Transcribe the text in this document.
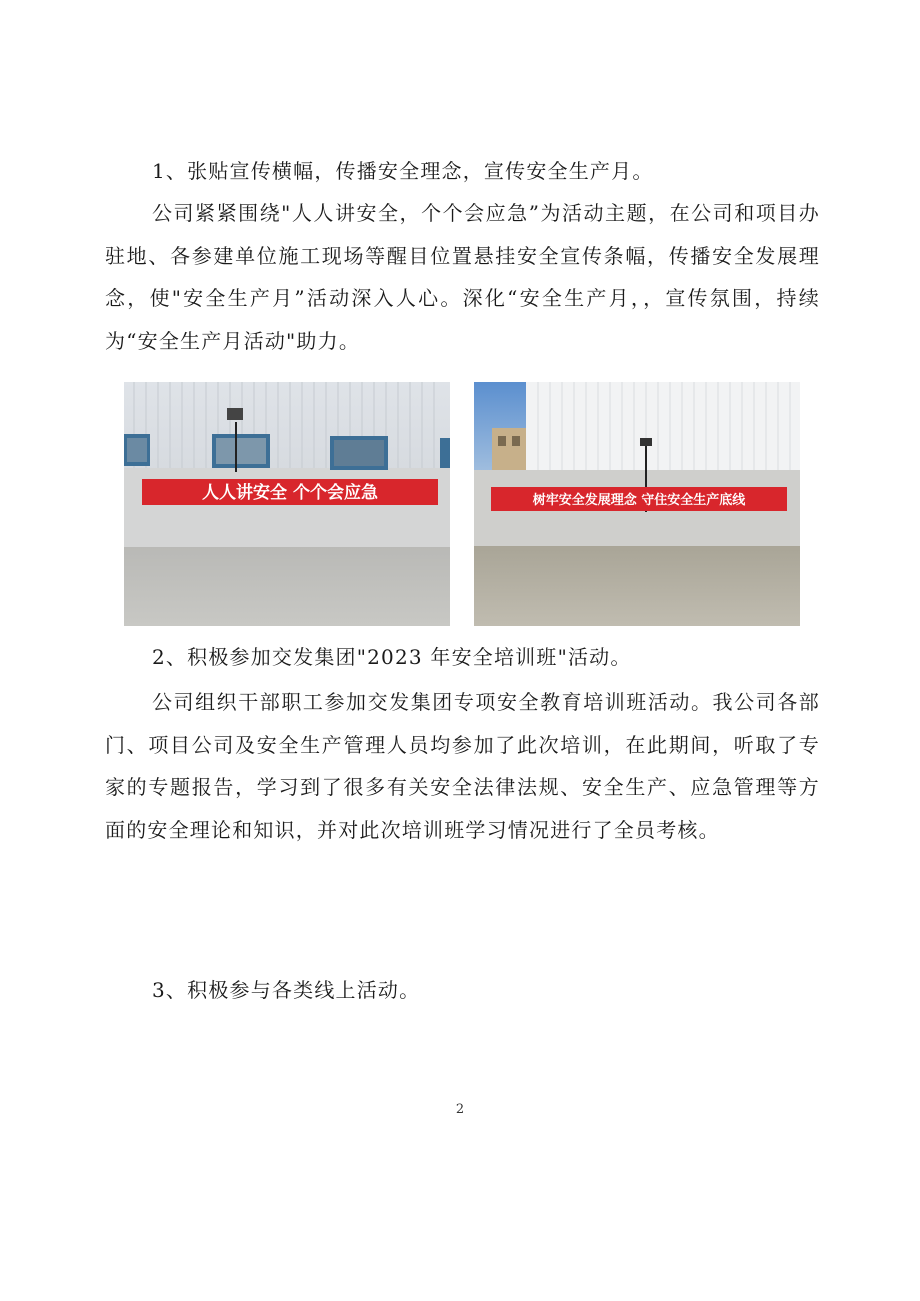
1、张贴宣传横幅，传播安全理念，宣传安全生产月。

公司紧紧围绕"人人讲安全，个个会应急”为活动主题，在公司和项目办驻地、各参建单位施工现场等醒目位置悬挂安全宣传条幅，传播安全发展理念，使"安全生产月”活动深入人心。深化“安全生产月，，宣传氛围，持续为“安全生产月活动"助力。

人人讲安全 个个会应急	树牢安全发展理念 守住安全生产底线

2、积极参加交发集团"2023 年安全培训班"活动。

公司组织干部职工参加交发集团专项安全教育培训班活动。我公司各部门、项目公司及安全生产管理人员均参加了此次培训，在此期间，听取了专家的专题报告，学习到了很多有关安全法律法规、安全生产、应急管理等方面的安全理论和知识，并对此次培训班学习情况进行了全员考核。

3、积极参与各类线上活动。

2
